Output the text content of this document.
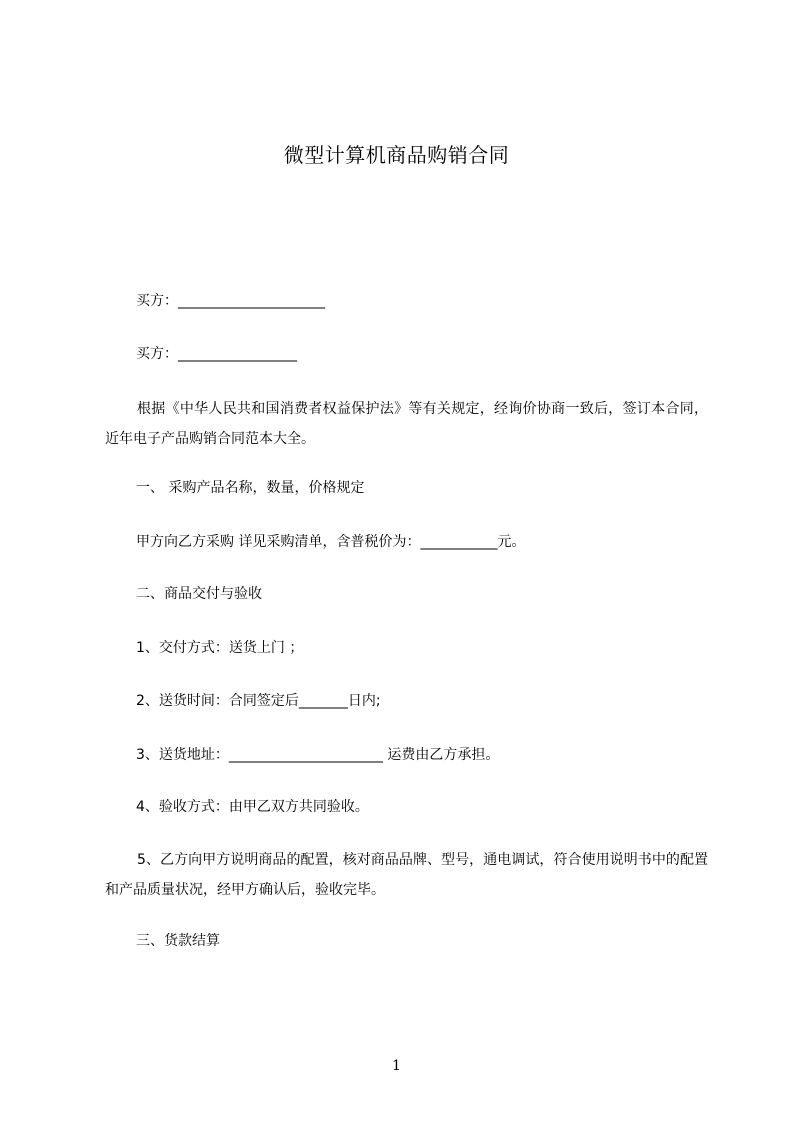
微型计算机商品购销合同
买方：_____________________
买方：_________________
根据《中华人民共和国消费者权益保护法》等有关规定，经询价协商一致后，签订本合同，近年电子产品购销合同范本大全。
一、 采购产品名称，数量，价格规定
甲方向乙方采购 详见采购清单，含普税价为：___________元。
二、商品交付与验收
1、交付方式：送货上门 ；
2、送货时间：合同签定后_______日内;
3、送货地址：______________________ 运费由乙方承担。
4、验收方式：由甲乙双方共同验收。
5、乙方向甲方说明商品的配置，核对商品品牌、型号，通电调试，符合使用说明书中的配置和产品质量状况，经甲方确认后，验收完毕。
三、货款结算
1
